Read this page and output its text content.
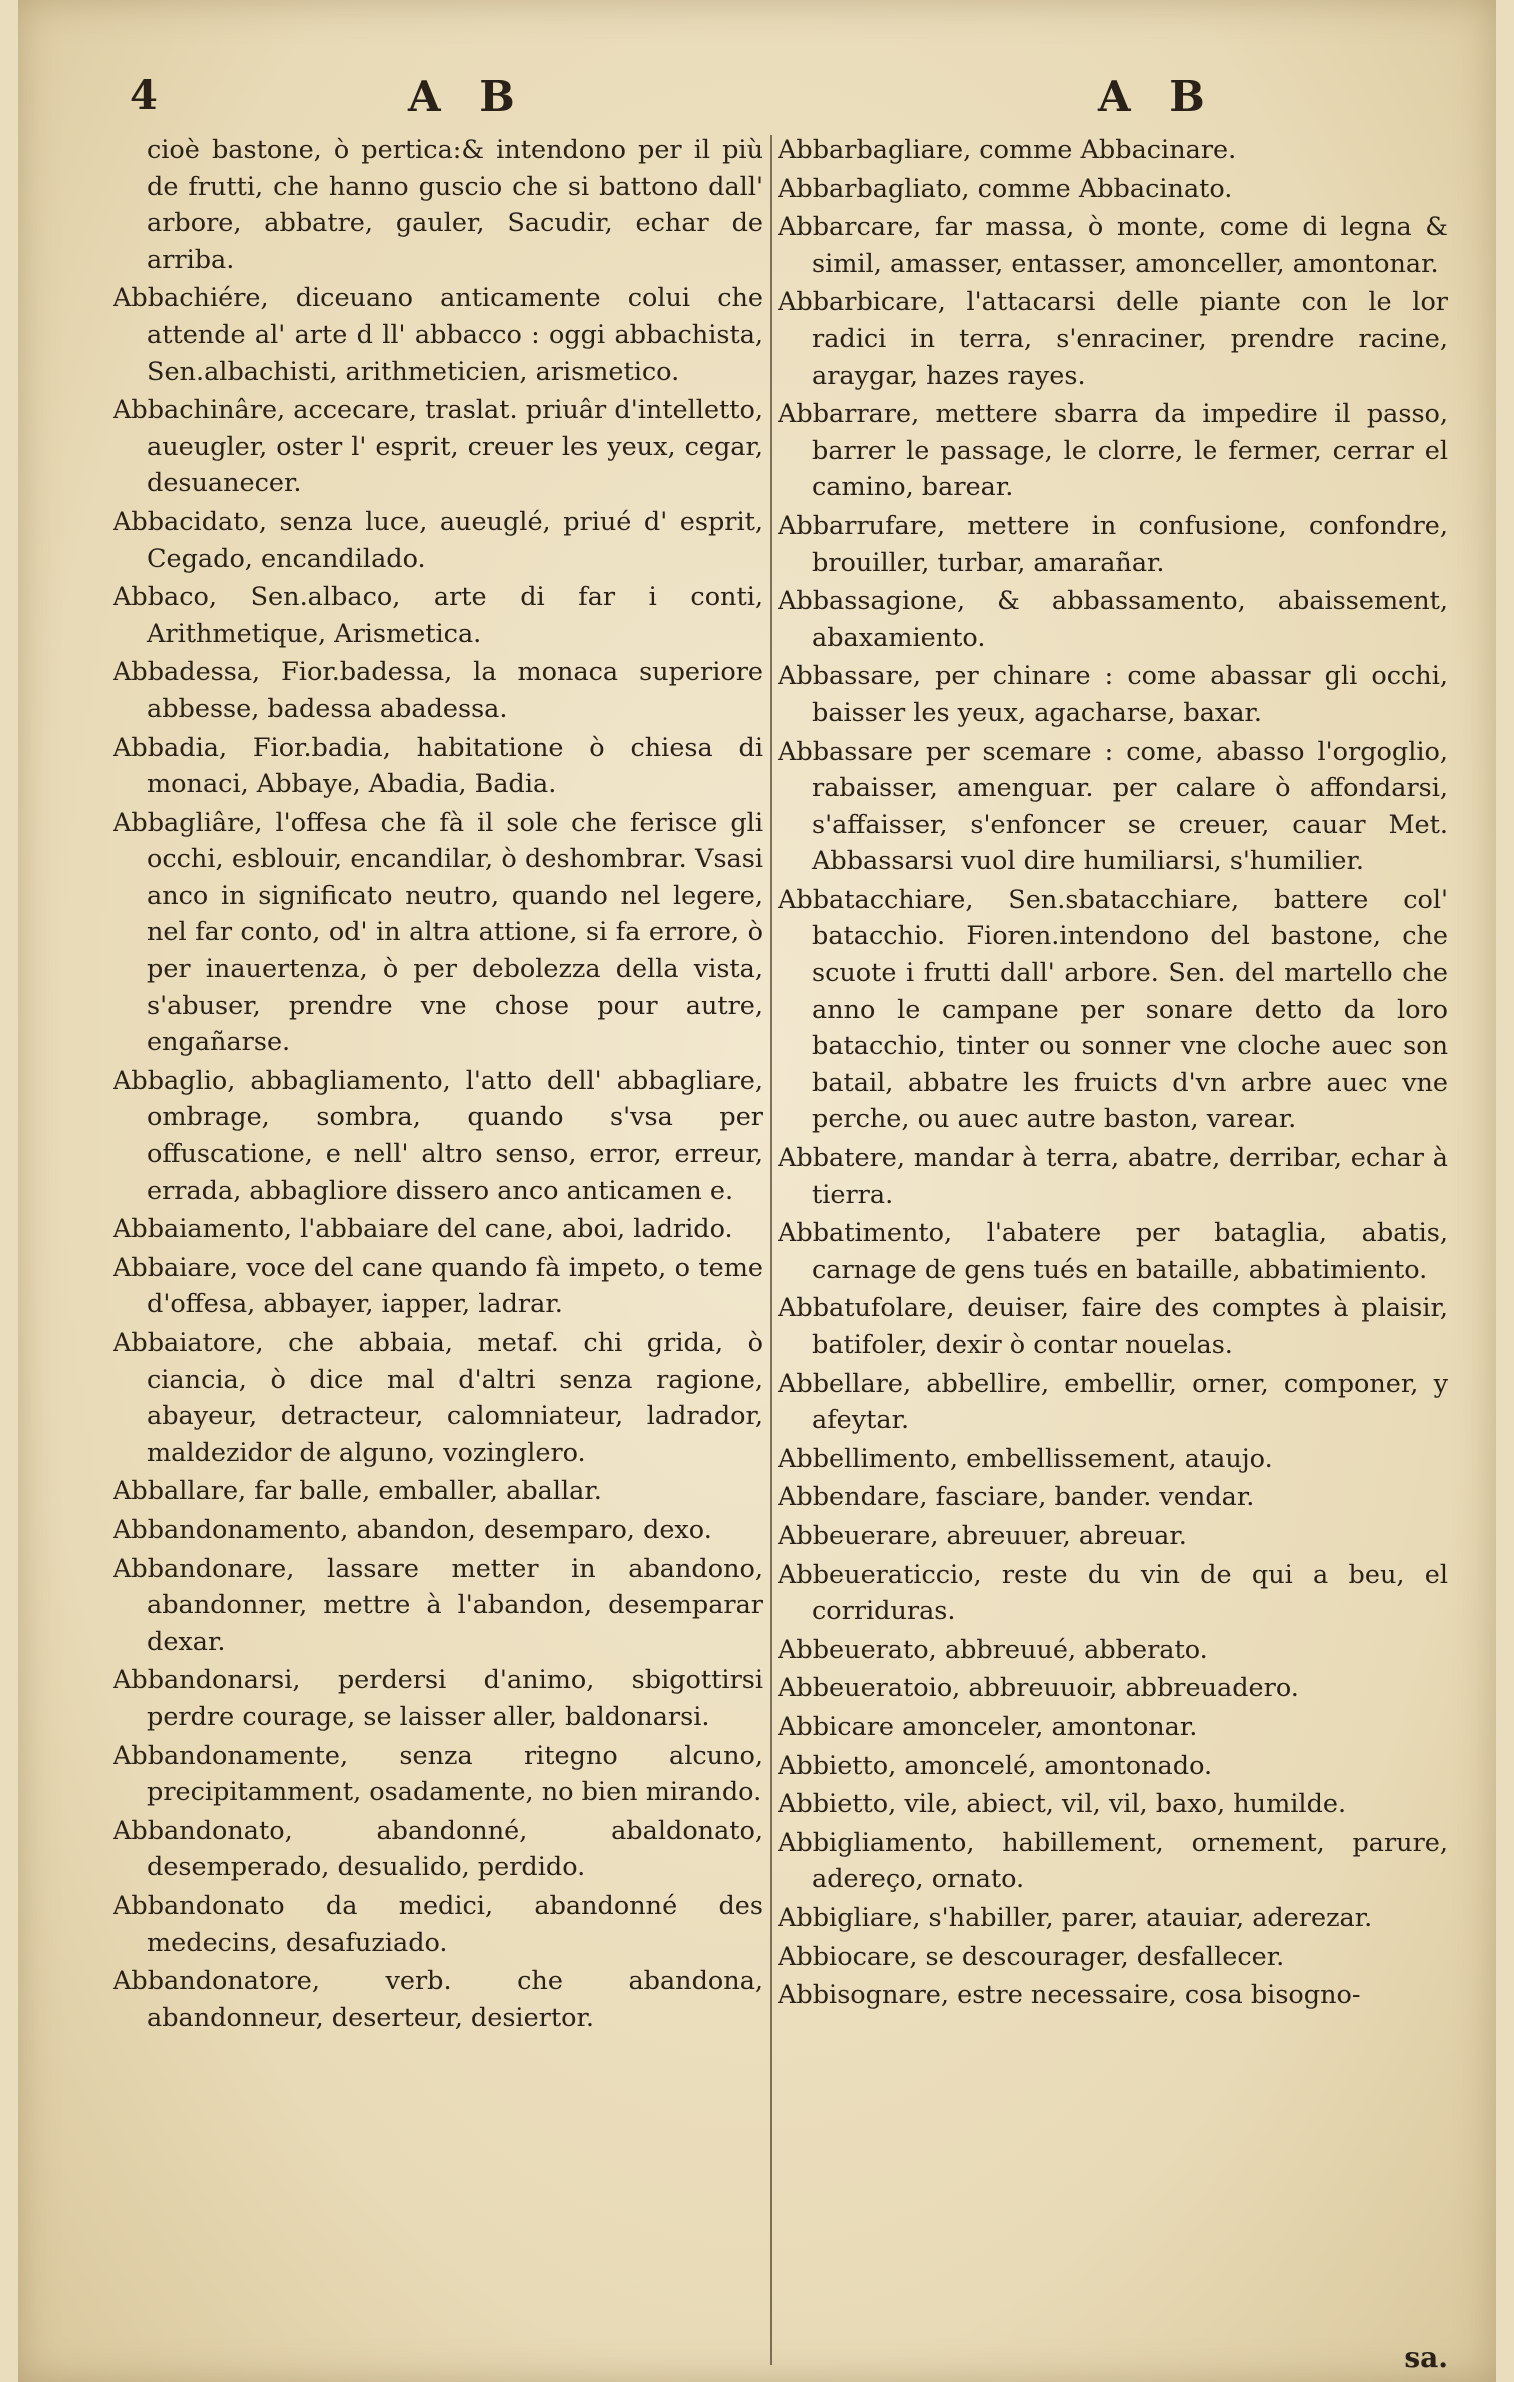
4	A B	A B

cioè bastone, ò pertica:& intendono per il più de frutti, che hanno guscio che si battono dall' arbore, abbatre, gauler, Sacudir, echar de arriba.

Abbachiére, diceuano anticamente colui che attende al' arte d ll' abbacco : oggi abbachista, Sen.albachisti, arithmeticien, arismetico.

Abbachinâre, accecare, traslat. priuâr d'intelletto, aueugler, oster l' esprit, creuer les yeux, cegar, desuanecer.

Abbacidato, senza luce, aueuglé, priué d' esprit, Cegado, encandilado.

Abbaco, Sen.albaco, arte di far i conti, Arithmetique, Arismetica.

Abbadessa, Fior.badessa, la monaca superiore abbesse, badessa abadessa.

Abbadia, Fior.badia, habitatione ò chiesa di monaci, Abbaye, Abadia, Badia.

Abbagliâre, l'offesa che fà il sole che ferisce gli occhi, esblouir, encandilar, ò deshombrar. Vsasi anco in significato neutro, quando nel legere, nel far conto, od' in altra attione, si fa errore, ò per inauertenza, ò per debolezza della vista, s'abuser, prendre vne chose pour autre, engañarse.

Abbaglio, abbagliamento, l'atto dell' abbagliare, ombrage, sombra, quando s'vsa per offuscatione, e nell' altro senso, error, erreur, errada, abbagliore dissero anco anticamen e.

Abbaiamento, l'abbaiare del cane, aboi, ladrido.

Abbaiare, voce del cane quando fà impeto, o teme d'offesa, abbayer, iapper, ladrar.

Abbaiatore, che abbaia, metaf. chi grida, ò ciancia, ò dice mal d'altri senza ragione, abayeur, detracteur, calomniateur, ladrador, maldezidor de alguno, vozinglero.

Abballare, far balle, emballer, aballar.

Abbandonamento, abandon, desemparo, dexo.

Abbandonare, lassare metter in abandono, abandonner, mettre à l'abandon, desemparar dexar.

Abbandonarsi, perdersi d'animo, sbigottirsi perdre courage, se laisser aller, baldonarsi.

Abbandonamente, senza ritegno alcuno, precipitamment, osadamente, no bien mirando.

Abbandonato, abandonné, abaldonato, desemperado, desualido, perdido.

Abbandonato da medici, abandonné des medecins, desafuziado.

Abbandonatore, verb. che abandona, abandonneur, deserteur, desiertor.

Abbarbagliare, comme Abbacinare.

Abbarbagliato, comme Abbacinato.

Abbarcare, far massa, ò monte, come di legna & simil, amasser, entasser, amonceller, amontonar.

Abbarbicare, l'attacarsi delle piante con le lor radici in terra, s'enraciner, prendre racine, araygar, hazes rayes.

Abbarrare, mettere sbarra da impedire il passo, barrer le passage, le clorre, le fermer, cerrar el camino, barear.

Abbarrufare, mettere in confusione, confondre, brouiller, turbar, amarañar.

Abbassagione, & abbassamento, abaissement, abaxamiento.

Abbassare, per chinare : come abassar gli occhi, baisser les yeux, agacharse, baxar.

Abbassare per scemare : come, abasso l'orgoglio, rabaisser, amenguar. per calare ò affondarsi, s'affaisser, s'enfoncer se creuer, cauar Met. Abbassarsi vuol dire humiliarsi, s'humilier.

Abbatacchiare, Sen.sbatacchiare, battere col' batacchio. Fioren.intendono del bastone, che scuote i frutti dall' arbore. Sen. del martello che anno le campane per sonare detto da loro batacchio, tinter ou sonner vne cloche auec son batail, abbatre les fruicts d'vn arbre auec vne perche, ou auec autre baston, varear.

Abbatere, mandar à terra, abatre, derribar, echar à tierra.

Abbatimento, l'abatere per bataglia, abatis, carnage de gens tués en bataille, abbatimiento.

Abbatufolare, deuiser, faire des comptes à plaisir, batifoler, dexir ò contar nouelas.

Abbellare, abbellire, embellir, orner, componer, y afeytar.

Abbellimento, embellissement, ataujo.

Abbendare, fasciare, bander. vendar.

Abbeuerare, abreuuer, abreuar.

Abbeueraticcio, reste du vin de qui a beu, el corriduras.

Abbeuerato, abbreuué, abberato.

Abbeueratoio, abbreuuoir, abbreuadero.

Abbicare amonceler, amontonar.

Abbietto, amoncelé, amontonado.

Abbietto, vile, abiect, vil, vil, baxo, humilde.

Abbigliamento, habillement, ornement, parure, adereço, ornato.

Abbigliare, s'habiller, parer, atauiar, aderezar.

Abbiocare, se descourager, desfallecer.

Abbisognare, estre necessaire, cosa bisogno-

sa.
